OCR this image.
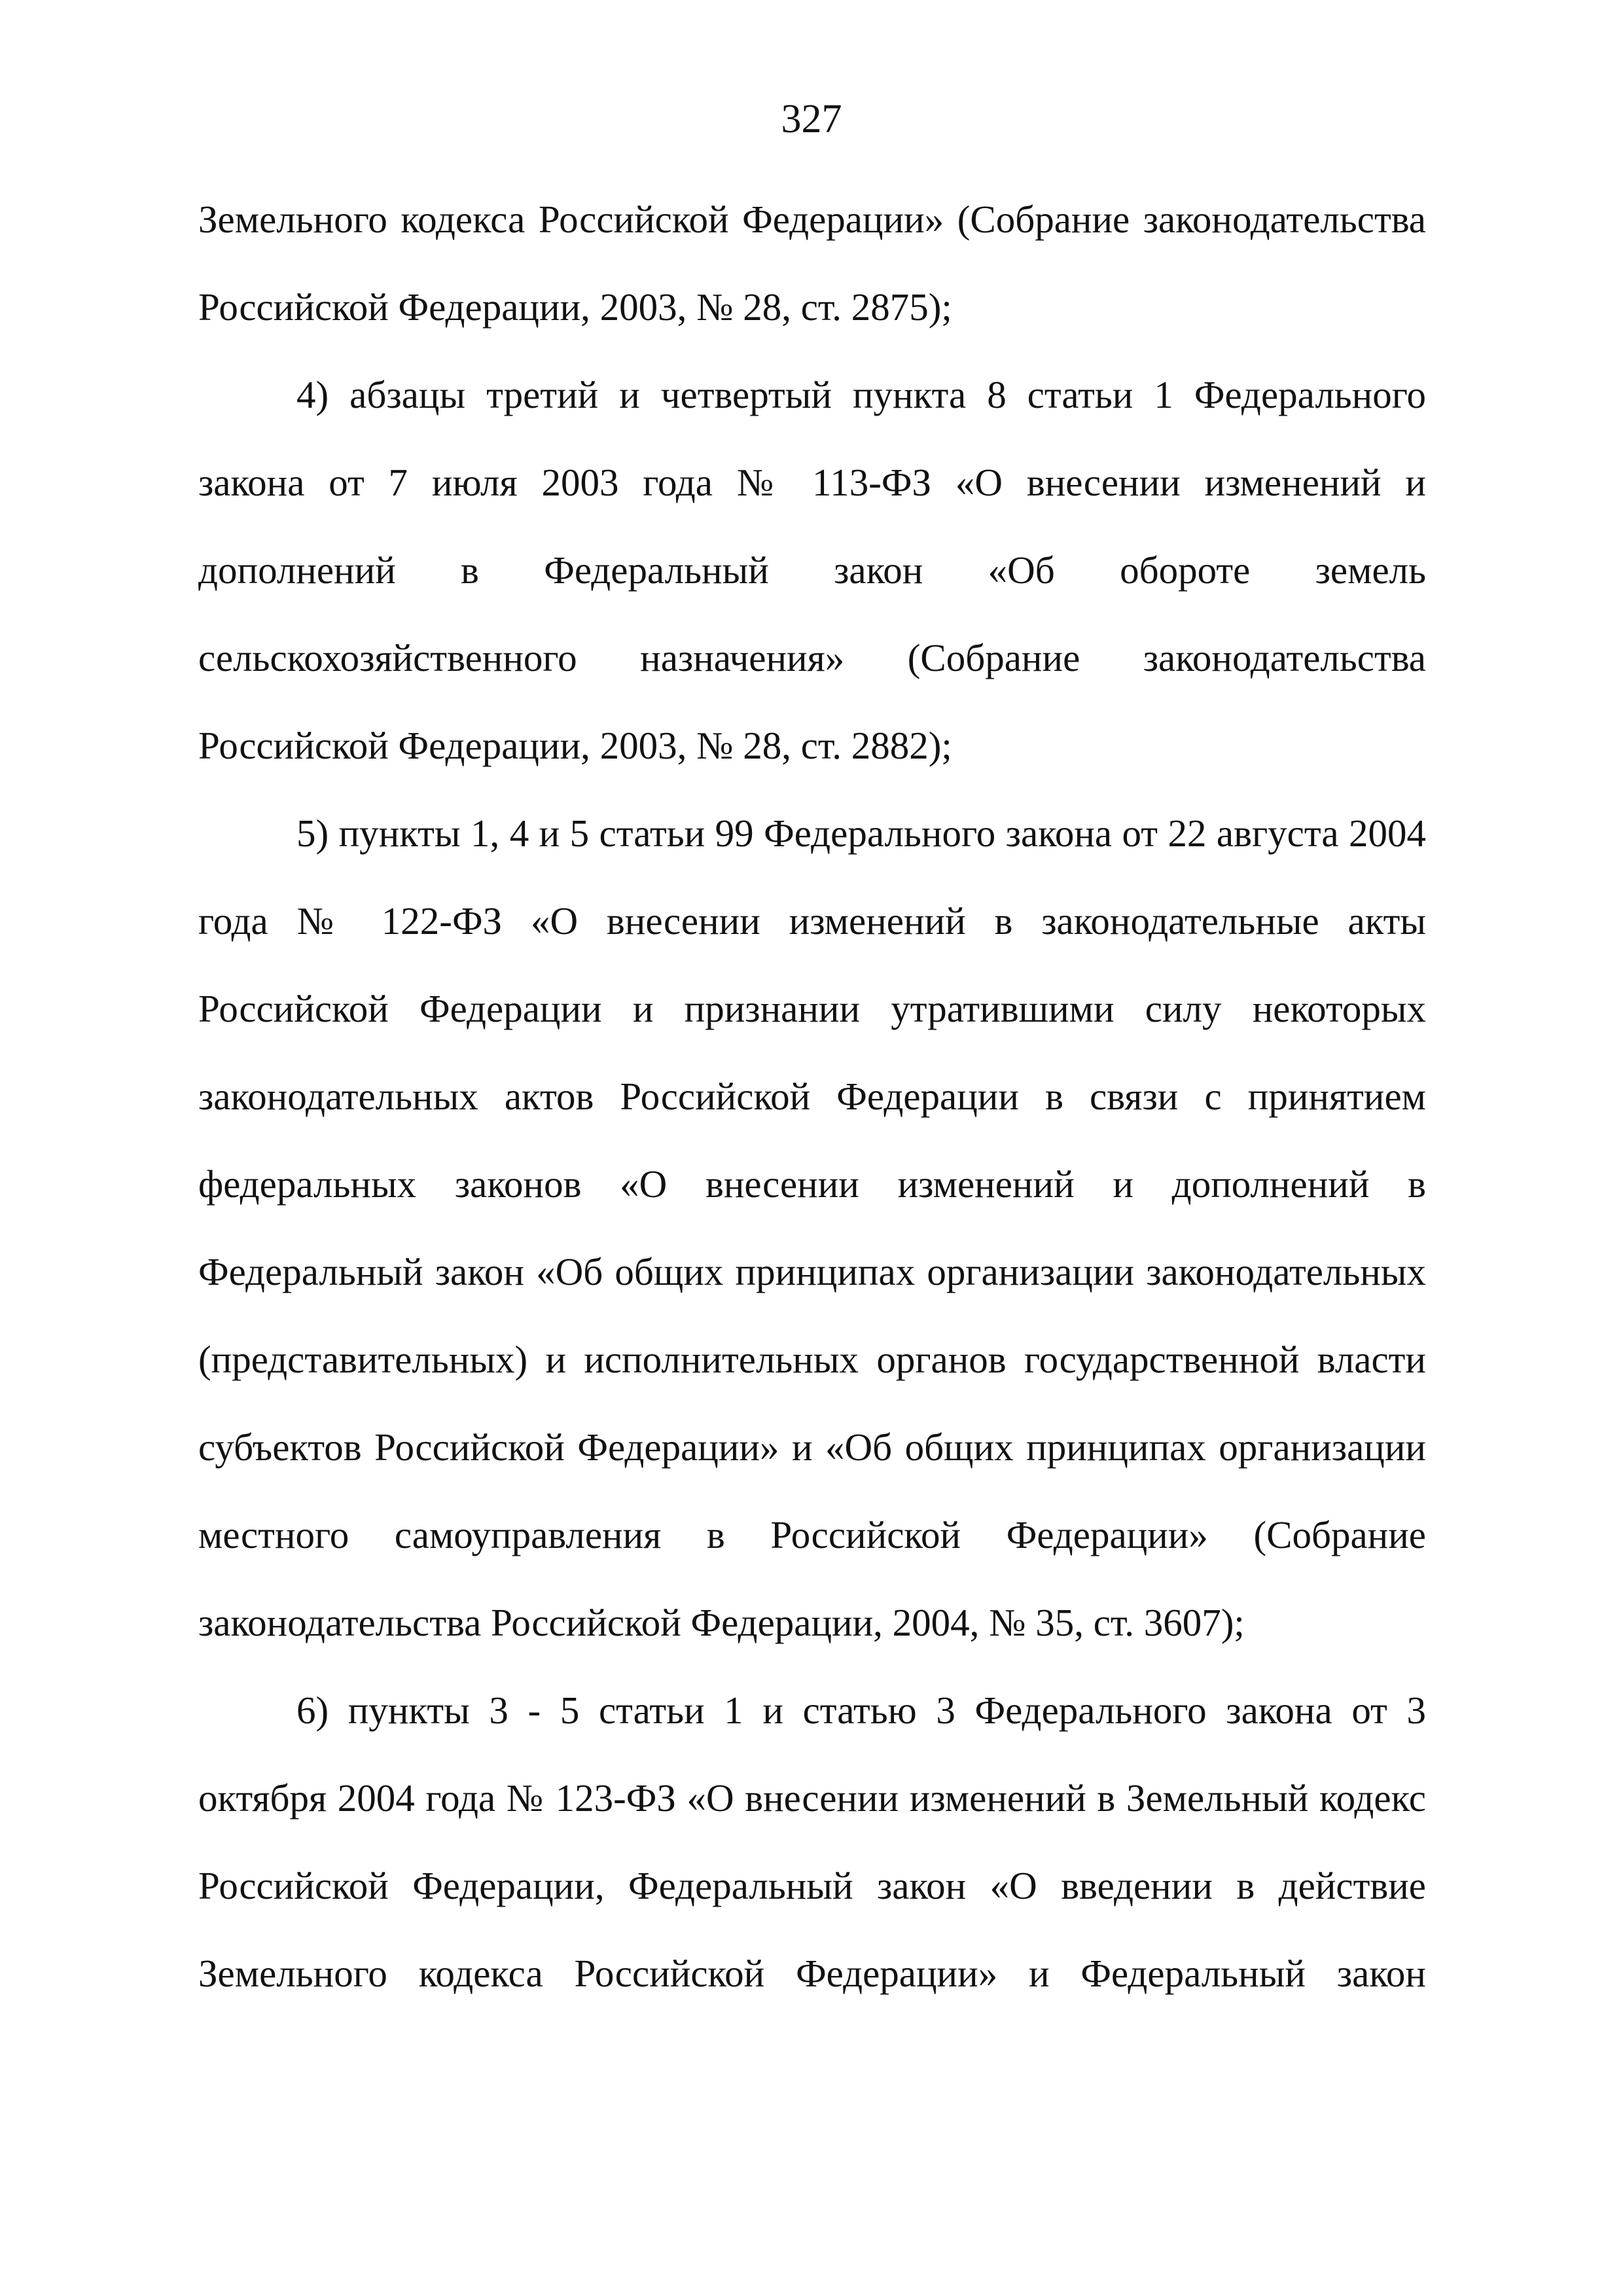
327

Земельного кодекса Российской Федерации» (Собрание законодательства Российской Федерации, 2003, № 28, ст. 2875);

4) абзацы третий и четвертый пункта 8 статьи 1 Федерального закона от 7 июля 2003 года № 113-ФЗ «О внесении изменений и дополнений в Федеральный закон «Об обороте земель сельскохозяйственного назначения» (Собрание законодательства Российской Федерации, 2003, № 28, ст. 2882);

5) пункты 1, 4 и 5 статьи 99 Федерального закона от 22 августа 2004 года № 122-ФЗ «О внесении изменений в законодательные акты Российской Федерации и признании утратившими силу некоторых законодательных актов Российской Федерации в связи с принятием федеральных законов «О внесении изменений и дополнений в Федеральный закон «Об общих принципах организации законодательных (представительных) и исполнительных органов государственной власти субъектов Российской Федерации» и «Об общих принципах организации местного самоуправления в Российской Федерации» (Собрание законодательства Российской Федерации, 2004, № 35, ст. 3607);

6) пункты 3 - 5 статьи 1 и статью 3 Федерального закона от 3 октября 2004 года № 123-ФЗ «О внесении изменений в Земельный кодекс Российской Федерации, Федеральный закон «О введении в действие Земельного кодекса Российской Федерации» и Федеральный закон
